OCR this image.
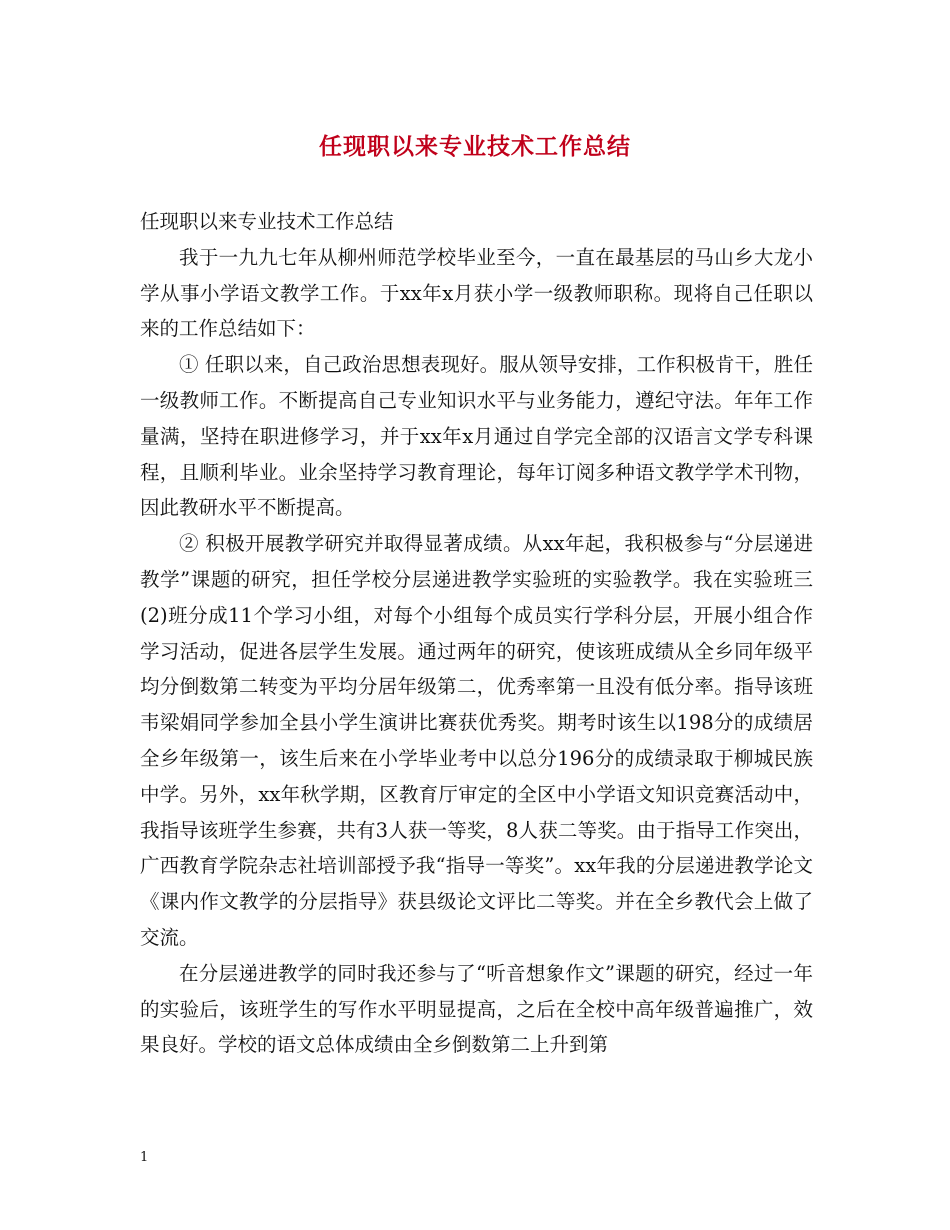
任现职以来专业技术工作总结

任现职以来专业技术工作总结

我于一九九七年从柳州师范学校毕业至今，一直在最基层的马山乡大龙小学从事小学语文教学工作。于xx年x月获小学一级教师职称。现将自己任职以来的工作总结如下：

① 任职以来，自己政治思想表现好。服从领导安排，工作积极肯干，胜任一级教师工作。不断提高自己专业知识水平与业务能力，遵纪守法。年年工作量满，坚持在职进修学习，并于xx年x月通过自学完全部的汉语言文学专科课程，且顺利毕业。业余坚持学习教育理论，每年订阅多种语文教学学术刊物，因此教研水平不断提高。

② 积极开展教学研究并取得显著成绩。从xx年起，我积极参与“分层递进教学”课题的研究，担任学校分层递进教学实验班的实验教学。我在实验班三(2)班分成11个学习小组，对每个小组每个成员实行学科分层，开展小组合作学习活动，促进各层学生发展。通过两年的研究，使该班成绩从全乡同年级平均分倒数第二转变为平均分居年级第二，优秀率第一且没有低分率。指导该班韦梁娟同学参加全县小学生演讲比赛获优秀奖。期考时该生以198分的成绩居全乡年级第一，该生后来在小学毕业考中以总分196分的成绩录取于柳城民族中学。另外，xx年秋学期，区教育厅审定的全区中小学语文知识竞赛活动中，我指导该班学生参赛，共有3人获一等奖，8人获二等奖。由于指导工作突出，广西教育学院杂志社培训部授予我“指导一等奖”。xx年我的分层递进教学论文《课内作文教学的分层指导》获县级论文评比二等奖。并在全乡教代会上做了交流。

在分层递进教学的同时我还参与了“听音想象作文”课题的研究，经过一年的实验后，该班学生的写作水平明显提高，之后在全校中高年级普遍推广，效果良好。学校的语文总体成绩由全乡倒数第二上升到第

1
